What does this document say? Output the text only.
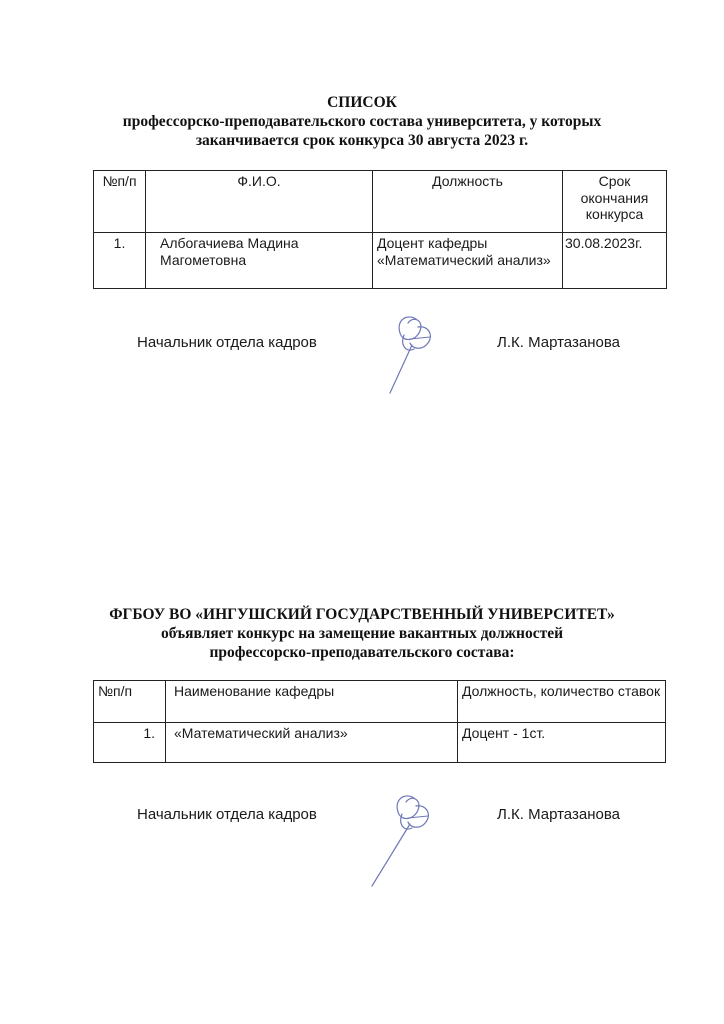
СПИСОК
профессорско-преподавательского состава университета, у которых
заканчивается срок конкурса 30 августа 2023 г.
№п/п	Ф.И.О.	Должность	Срок окончания конкурса
1.	Албогачиева Мадина Магометовна	Доцент кафедры «Математический анализ»	30.08.2023г.
Начальник отдела кадров	Л.К. Мартазанова
ФГБОУ ВО «ИНГУШСКИЙ ГОСУДАРСТВЕННЫЙ УНИВЕРСИТЕТ»
объявляет конкурс на замещение вакантных должностей
профессорско-преподавательского состава:
№п/п	Наименование кафедры	Должность, количество ставок
1.	«Математический анализ»	Доцент - 1ст.
Начальник отдела кадров	Л.К. Мартазанова
